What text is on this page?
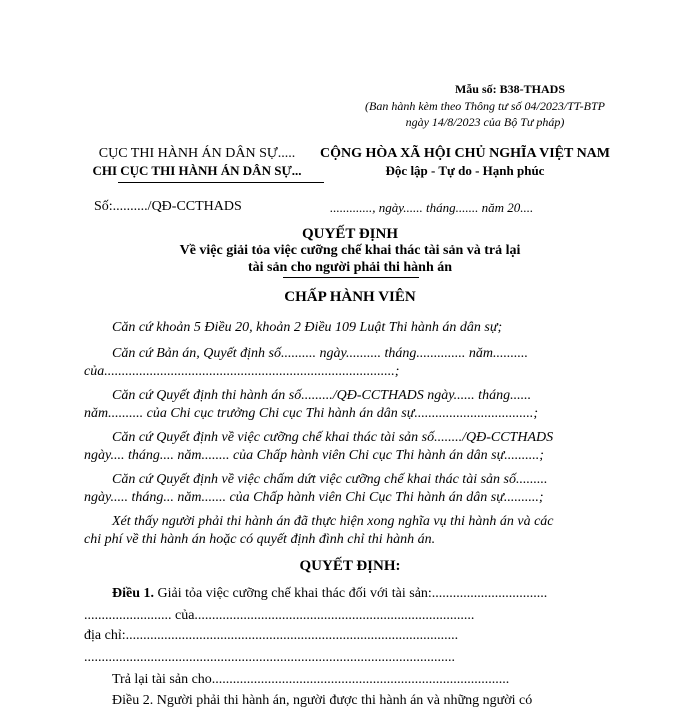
Mẫu số: B38-THADS
(Ban hành kèm theo Thông tư số 04/2023/TT-BTP
ngày 14/8/2023 của Bộ Tư pháp)
CỤC THI HÀNH ÁN DÂN SỰ.....
CHI CỤC THI HÀNH ÁN DÂN SỰ...
CỘNG HÒA XÃ HỘI CHỦ NGHĨA VIỆT NAM
Độc lập - Tự do - Hạnh phúc
Số:........../QĐ-CCTHADS	............., ngày...... tháng....... năm 20....
QUYẾT ĐỊNH
Về việc giải tỏa việc cưỡng chế khai thác tài sản và trả lại
tài sản cho người phải thi hành án
CHẤP HÀNH VIÊN
Căn cứ khoản 5 Điều 20, khoản 2 Điều 109 Luật Thi hành án dân sự;
Căn cứ Bản án, Quyết định số.......... ngày.......... tháng.............. năm..........
của...................................................................................;
Căn cứ Quyết định thi hành án số........./QĐ-CCTHADS ngày...... tháng......
năm.......... của Chi cục trưởng Chi cục Thi hành án dân sự..................................;
Căn cứ Quyết định về việc cưỡng chế khai thác tài sản số......../QĐ-CCTHADS
ngày.... tháng.... năm........ của Chấp hành viên Chi cục Thi hành án dân sự..........;
Căn cứ Quyết định về việc chấm dứt việc cưỡng chế khai thác tài sản số.........
ngày..... tháng... năm....... của Chấp hành viên Chi Cục Thi hành án dân sự..........;
Xét thấy người phải thi hành án đã thực hiện xong nghĩa vụ thi hành án và các
chi phí về thi hành án hoặc có quyết định đình chỉ thi hành án.
QUYẾT ĐỊNH:
Điều 1. Giải tỏa việc cưỡng chế khai thác đối với tài sản:.................................
......................... của................................................................................
địa chỉ:...............................................................................................
..........................................................................................................
Trả lại tài sản cho.....................................................................................
Điều 2. Người phải thi hành án, người được thi hành án và những người có
